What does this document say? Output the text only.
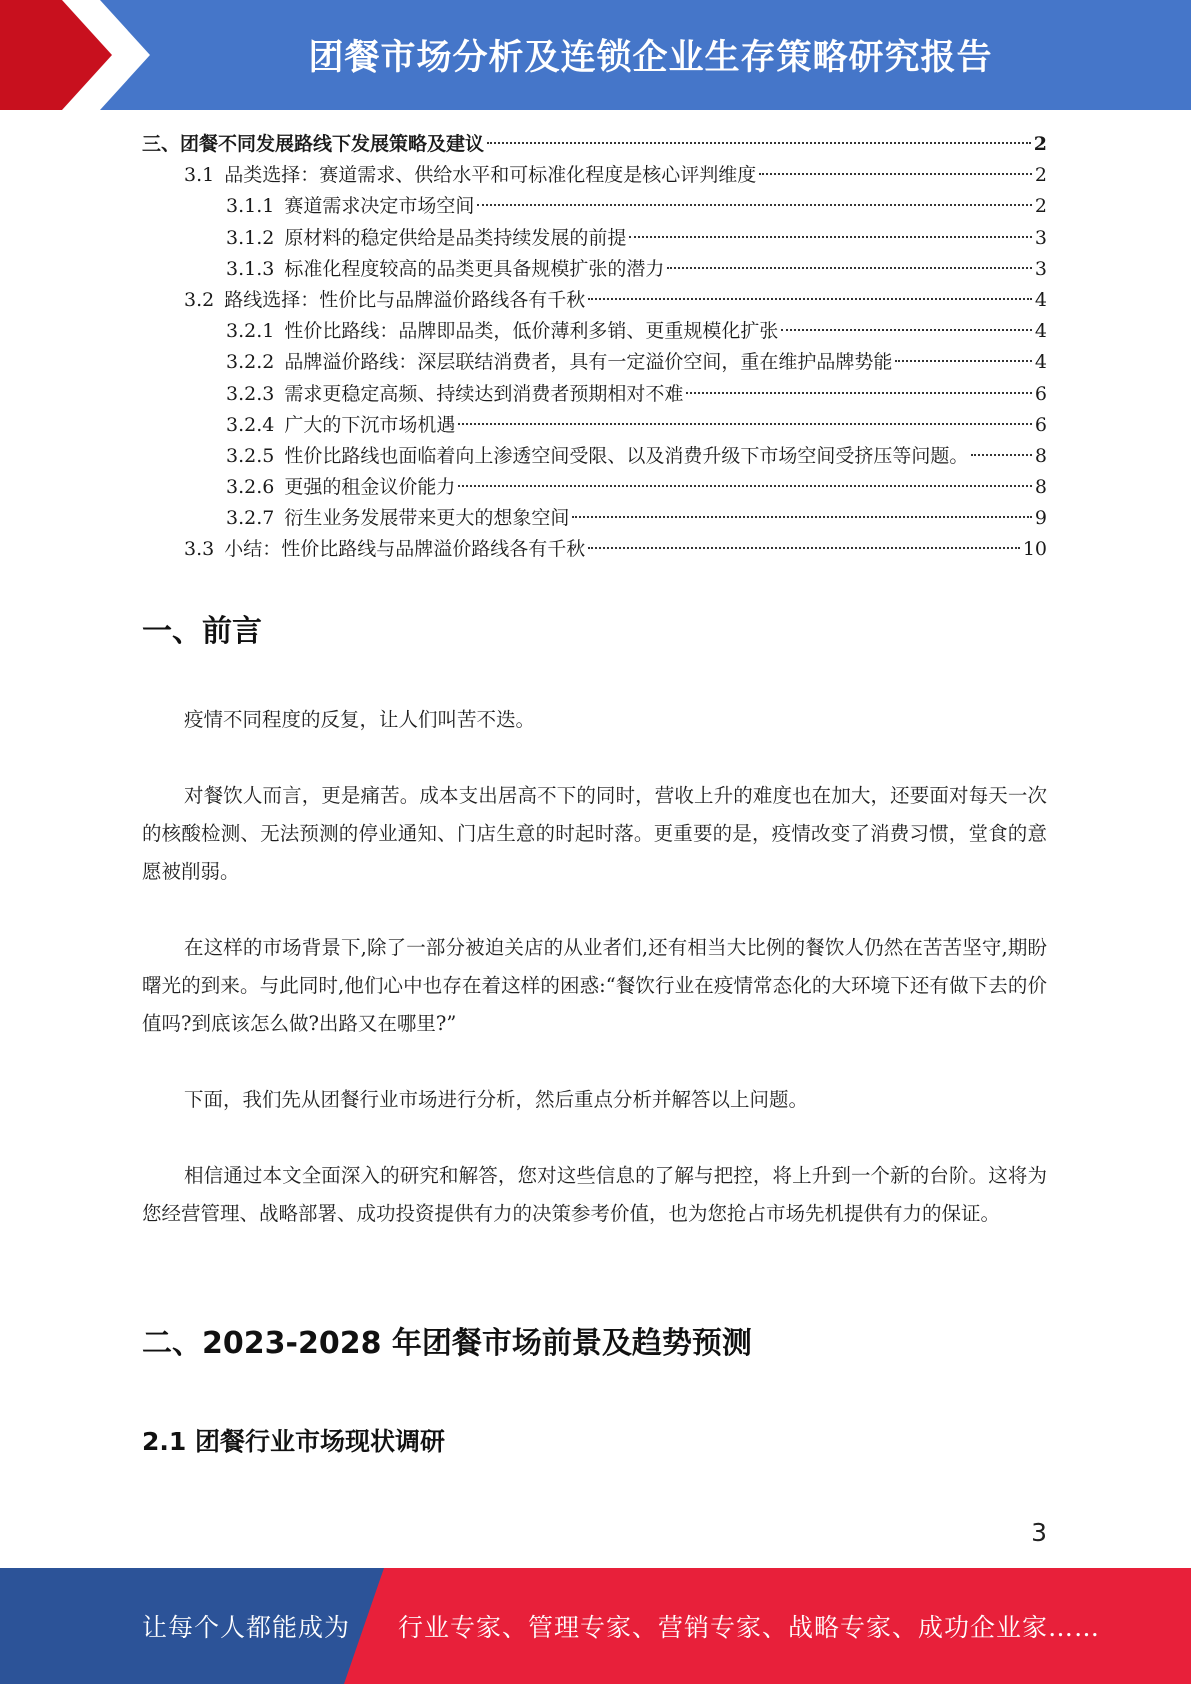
团餐市场分析及连锁企业生存策略研究报告
三、 团餐不同发展路线下发展策略及建议	2
3.1 品类选择：赛道需求、供给水平和可标准化程度是核心评判维度	2
3.1.1 赛道需求决定市场空间	2
3.1.2 原材料的稳定供给是品类持续发展的前提	3
3.1.3 标准化程度较高的品类更具备规模扩张的潜力	3
3.2 路线选择：性价比与品牌溢价路线各有千秋	4
3.2.1 性价比路线：品牌即品类，低价薄利多销、更重规模化扩张	4
3.2.2 品牌溢价路线：深层联结消费者，具有一定溢价空间，重在维护品牌势能	4
3.2.3 需求更稳定高频、持续达到消费者预期相对不难	6
3.2.4 广大的下沉市场机遇	6
3.2.5 性价比路线也面临着向上渗透空间受限、以及消费升级下市场空间受挤压等问题。	8
3.2.6 更强的租金议价能力	8
3.2.7 衍生业务发展带来更大的想象空间	9
3.3 小结：性价比路线与品牌溢价路线各有千秋	10
一、前言

疫情不同程度的反复，让人们叫苦不迭。

对餐饮人而言，更是痛苦。成本支出居高不下的同时，营收上升的难度也在加大，还要面对每天一次的核酸检测、无法预测的停业通知、门店生意的时起时落。更重要的是，疫情改变了消费习惯，堂食的意愿被削弱。

在这样的市场背景下,除了一部分被迫关店的从业者们,还有相当大比例的餐饮人仍然在苦苦坚守,期盼曙光的到来。与此同时,他们心中也存在着这样的困惑:“餐饮行业在疫情常态化的大环境下还有做下去的价值吗?到底该怎么做?出路又在哪里?”

下面，我们先从团餐行业市场进行分析，然后重点分析并解答以上问题。

相信通过本文全面深入的研究和解答，您对这些信息的了解与把控，将上升到一个新的台阶。这将为您经营管理、战略部署、成功投资提供有力的决策参考价值，也为您抢占市场先机提供有力的保证。

二、2023-2028 年团餐市场前景及趋势预测
2.1 团餐行业市场现状调研
3
让每个人都能成为 行业专家、管理专家、营销专家、战略专家、成功企业家……
